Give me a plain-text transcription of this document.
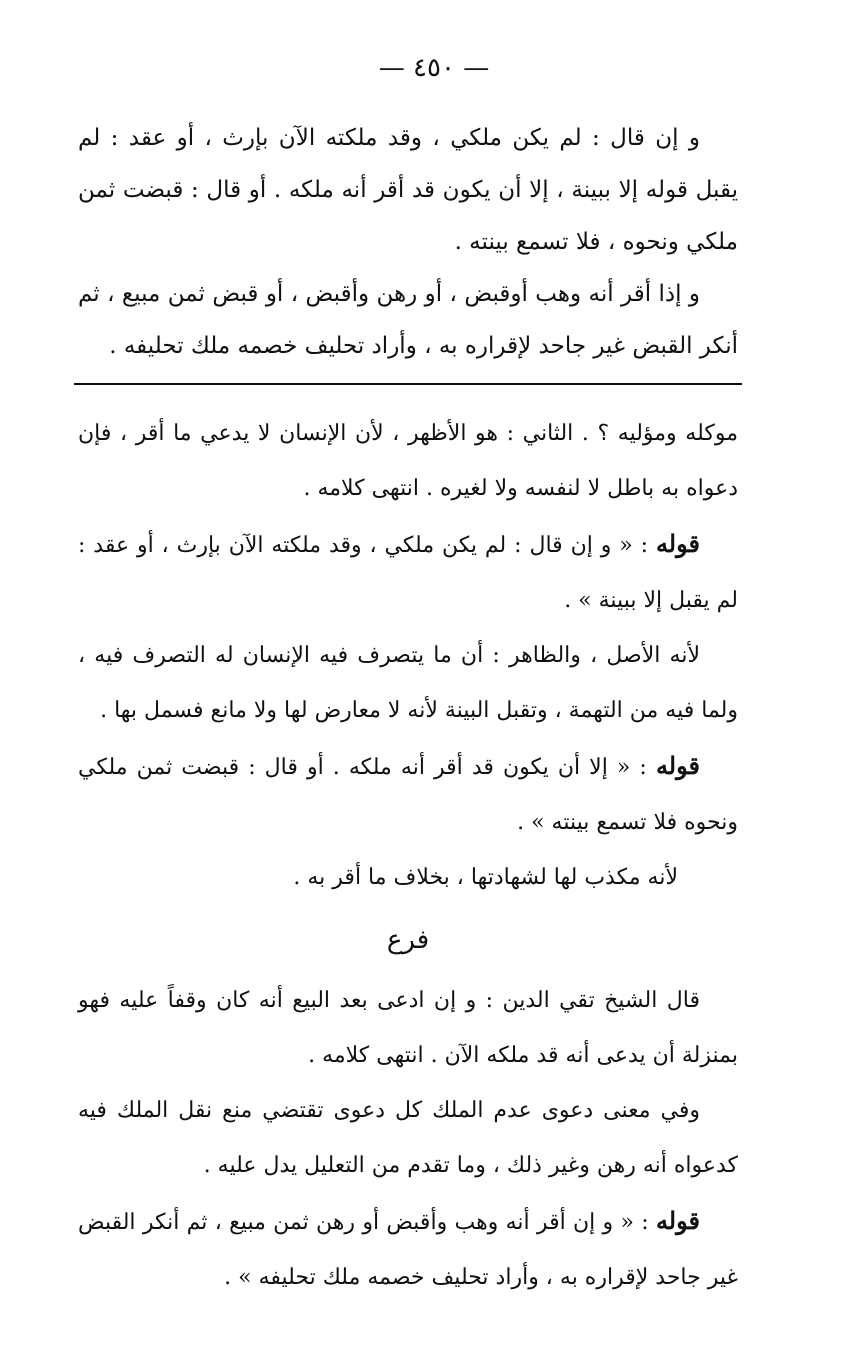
— ٤٥٠ —

و إن قال : لم يكن ملكي ، وقد ملكته الآن بإرث ، أو عقد : لم يقبل قوله إلا ببينة ، إلا أن يكون قد أقر أنه ملكه . أو قال : قبضت ثمن ملكي ونحوه ، فلا تسمع بينته .

و إذا أقر أنه وهب أوقبض ، أو رهن وأقبض ، أو قبض ثمن مبيع ، ثم أنكر القبض غير جاحد لإقراره به ، وأراد تحليف خصمه ملك تحليفه .

موكله ومؤليه ؟ . الثاني : هو الأظهر ، لأن الإنسان لا يدعي ما أقر ، فإن دعواه به باطل لا لنفسه ولا لغيره . انتهى كلامه .

قوله : « و إن قال : لم يكن ملكي ، وقد ملكته الآن بإرث ، أو عقد : لم يقبل إلا ببينة » .

لأنه الأصل ، والظاهر : أن ما يتصرف فيه الإنسان له التصرف فيه ، ولما فيه من التهمة ، وتقبل البينة لأنه لا معارض لها ولا مانع فسمل بها .

قوله : « إلا أن يكون قد أقر أنه ملكه . أو قال : قبضت ثمن ملكي ونحوه فلا تسمع بينته » .

لأنه مكذب لها لشهادتها ، بخلاف ما أقر به .

فرع

قال الشيخ تقي الدين : و إن ادعى بعد البيع أنه كان وقفاً عليه فهو بمنزلة أن يدعى أنه قد ملكه الآن . انتهى كلامه .

وفي معنى دعوى عدم الملك كل دعوى تقتضي منع نقل الملك فيه كدعواه أنه رهن وغير ذلك ، وما تقدم من التعليل يدل عليه .

قوله : « و إن أقر أنه وهب وأقبض أو رهن ثمن مبيع ، ثم أنكر القبض غير جاحد لإقراره به ، وأراد تحليف خصمه ملك تحليفه » .
